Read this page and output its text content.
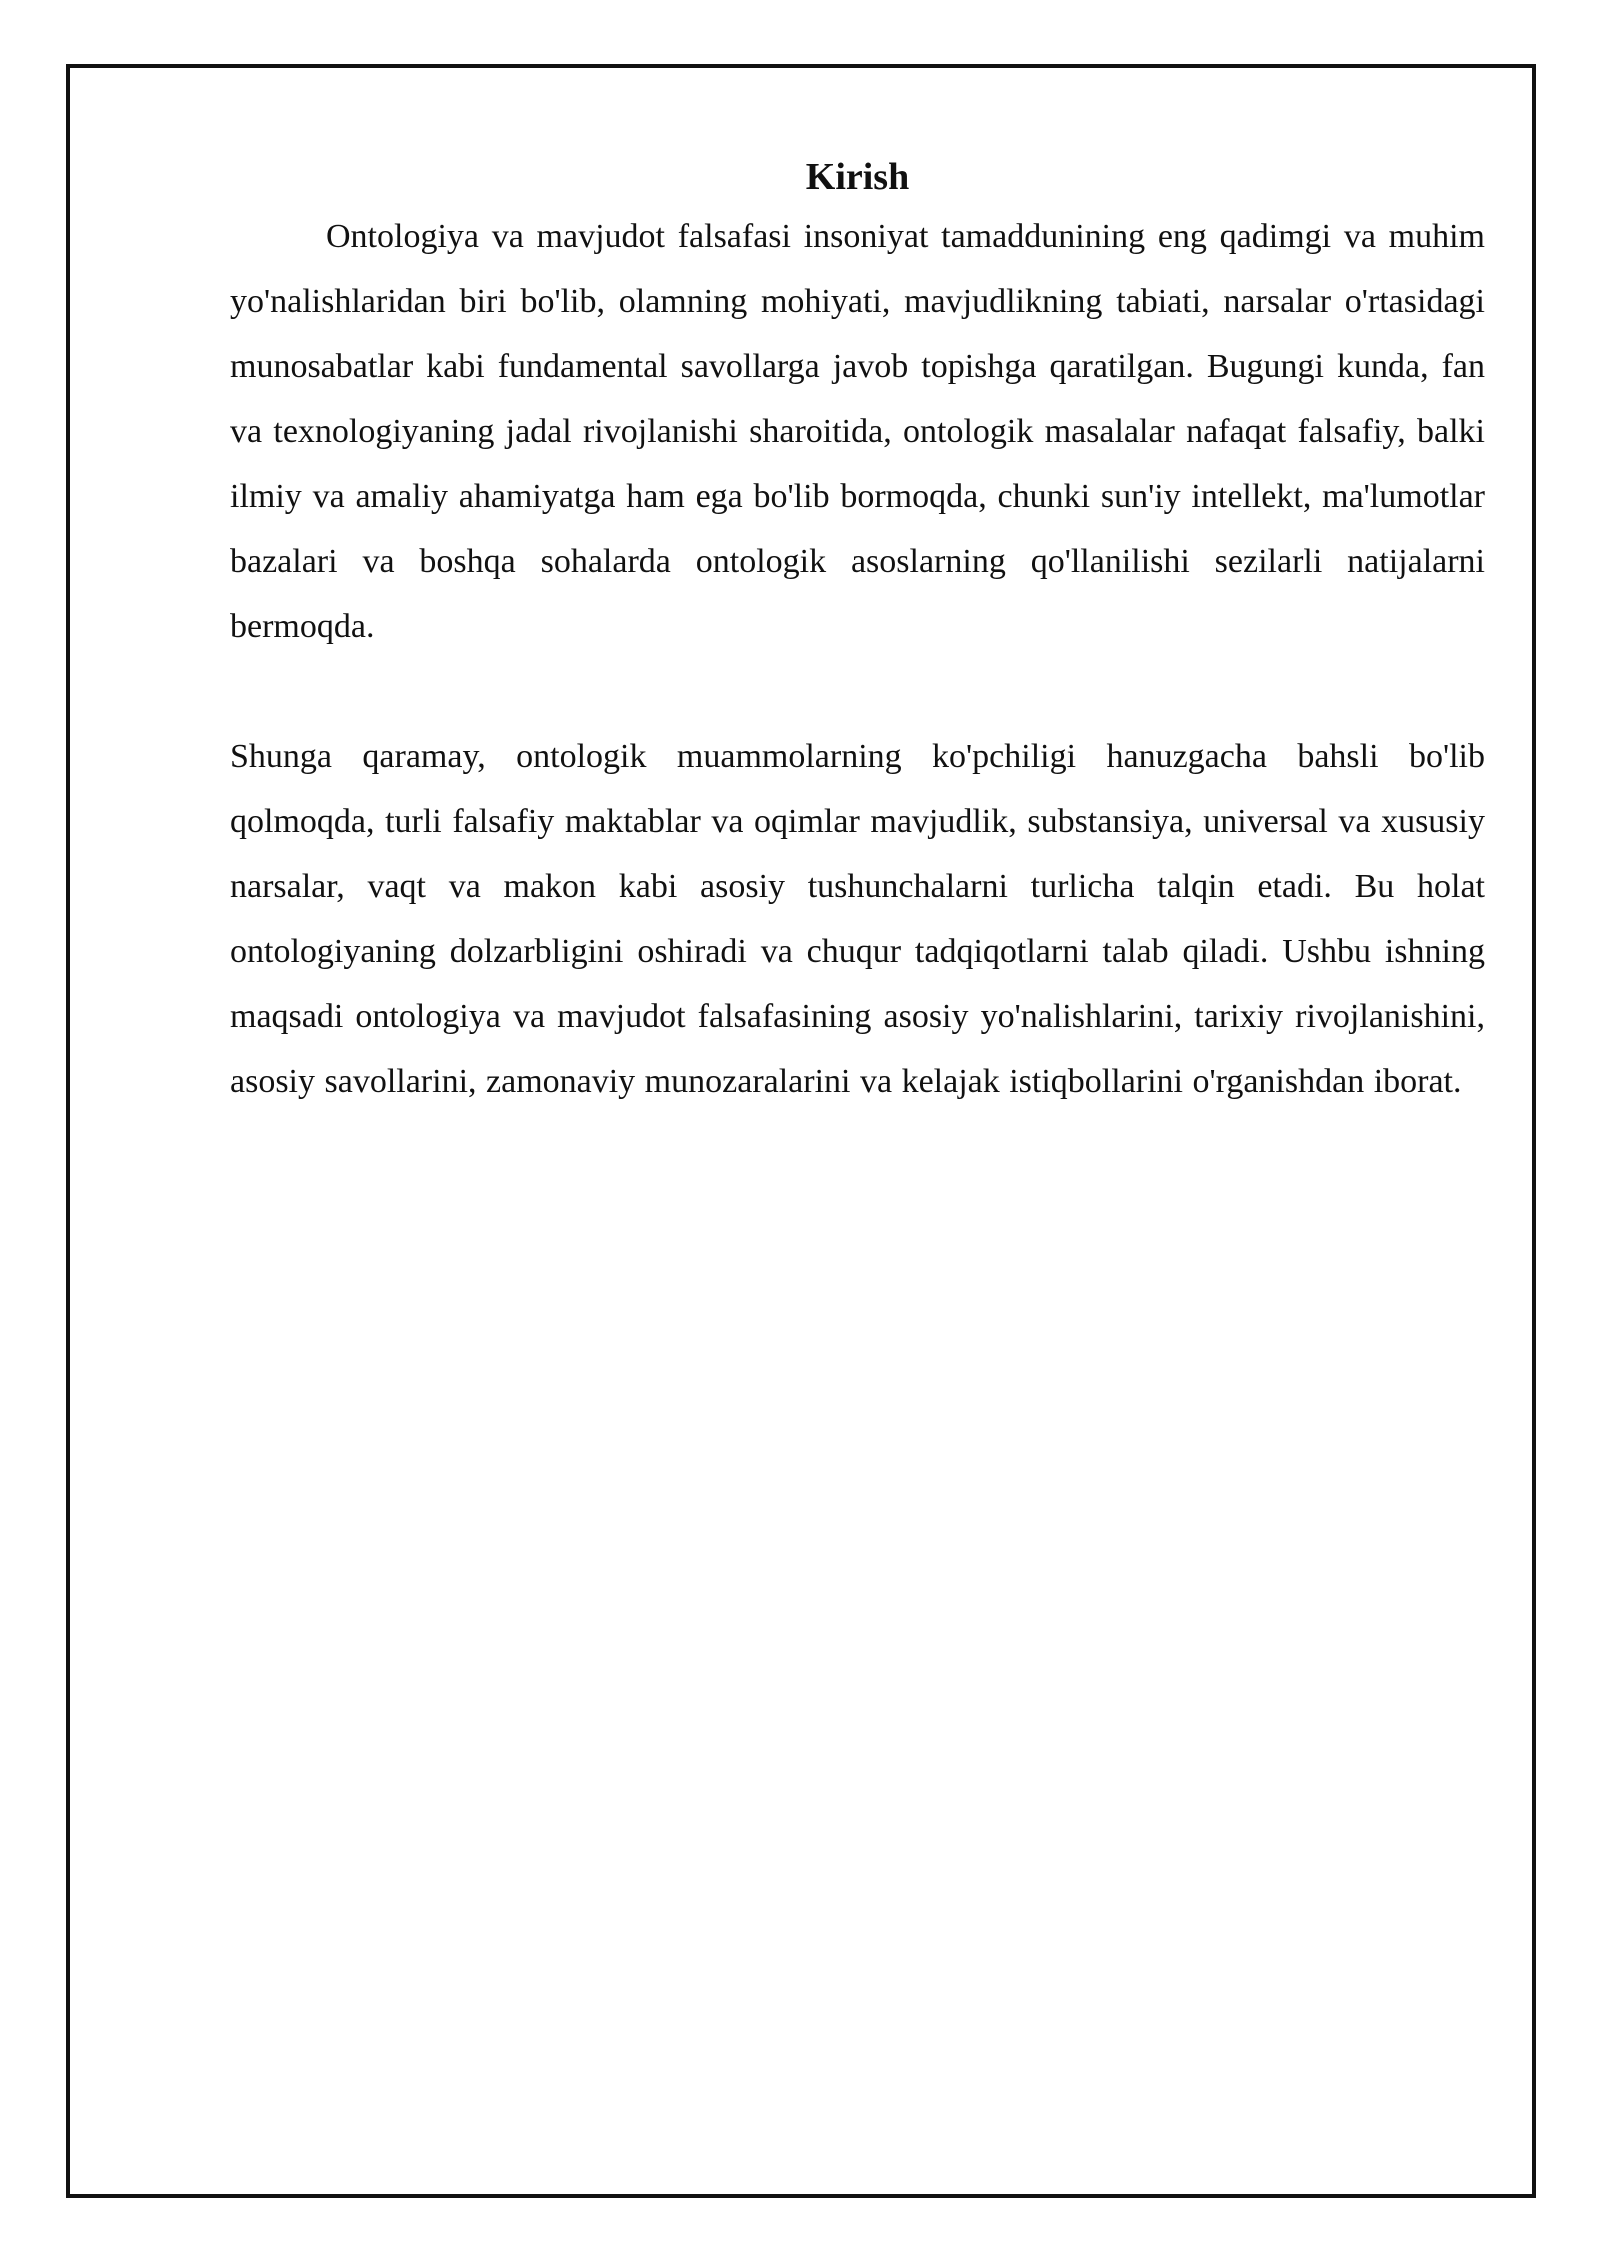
Kirish

Ontologiya va mavjudot falsafasi insoniyat tamaddunining eng qadimgi va muhim yo'nalishlaridan biri bo'lib, olamning mohiyati, mavjudlikning tabiati, narsalar o'rtasidagi munosabatlar kabi fundamental savollarga javob topishga qaratilgan. Bugungi kunda, fan va texnologiyaning jadal rivojlanishi sharoitida, ontologik masalalar nafaqat falsafiy, balki ilmiy va amaliy ahamiyatga ham ega bo'lib bormoqda, chunki sun'iy intellekt, ma'lumotlar bazalari va boshqa sohalarda ontologik asoslarning qo'llanilishi sezilarli natijalarni bermoqda.

Shunga qaramay, ontologik muammolarning ko'pchiligi hanuzgacha bahsli bo'lib qolmoqda, turli falsafiy maktablar va oqimlar mavjudlik, substansiya, universal va xususiy narsalar, vaqt va makon kabi asosiy tushunchalarni turlicha talqin etadi. Bu holat ontologiyaning dolzarbligini oshiradi va chuqur tadqiqotlarni talab qiladi. Ushbu ishning maqsadi ontologiya va mavjudot falsafasining asosiy yo'nalishlarini, tarixiy rivojlanishini, asosiy savollarini, zamonaviy munozaralarini va kelajak istiqbollarini o'rganishdan iborat.
